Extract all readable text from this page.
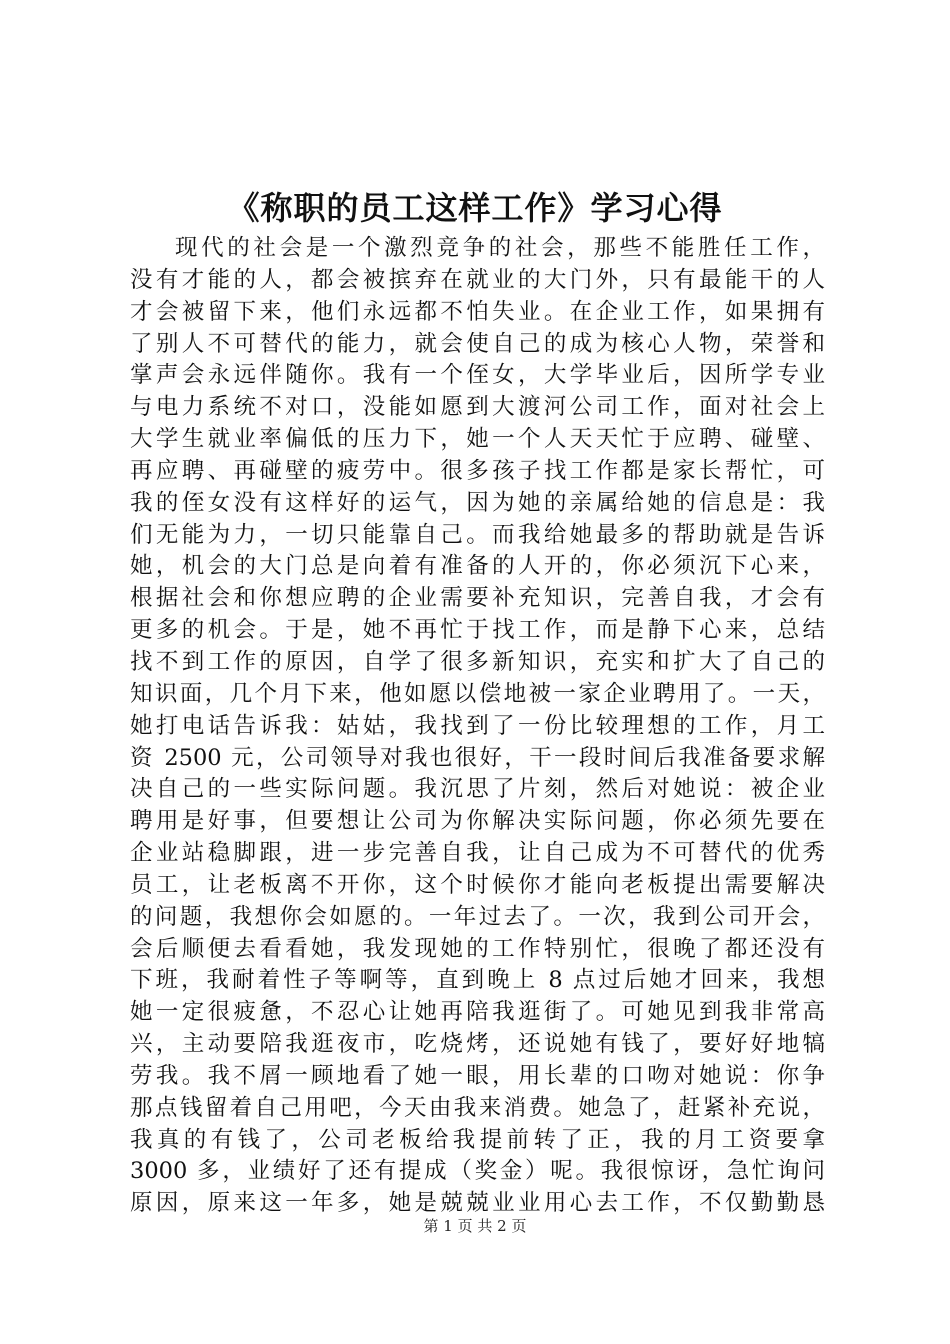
《称职的员工这样工作》学习心得
现代的社会是一个激烈竞争的社会，那些不能胜任工作，
没有才能的人，都会被摈弃在就业的大门外，只有最能干的人
才会被留下来，他们永远都不怕失业。在企业工作，如果拥有
了别人不可替代的能力，就会使自己的成为核心人物，荣誉和
掌声会永远伴随你。我有一个侄女，大学毕业后，因所学专业
与电力系统不对口，没能如愿到大渡河公司工作，面对社会上
大学生就业率偏低的压力下，她一个人天天忙于应聘、碰壁、
再应聘、再碰壁的疲劳中。很多孩子找工作都是家长帮忙，可
我的侄女没有这样好的运气，因为她的亲属给她的信息是：我
们无能为力，一切只能靠自己。而我给她最多的帮助就是告诉
她，机会的大门总是向着有准备的人开的，你必须沉下心来，
根据社会和你想应聘的企业需要补充知识，完善自我，才会有
更多的机会。于是，她不再忙于找工作，而是静下心来，总结
找不到工作的原因，自学了很多新知识，充实和扩大了自己的
知识面，几个月下来，他如愿以偿地被一家企业聘用了。一天，
她打电话告诉我：姑姑，我找到了一份比较理想的工作，月工
资 2500 元，公司领导对我也很好，干一段时间后我准备要求解
决自己的一些实际问题。我沉思了片刻，然后对她说：被企业
聘用是好事，但要想让公司为你解决实际问题，你必须先要在
企业站稳脚跟，进一步完善自我，让自己成为不可替代的优秀
员工，让老板离不开你，这个时候你才能向老板提出需要解决
的问题，我想你会如愿的。一年过去了。一次，我到公司开会，
会后顺便去看看她，我发现她的工作特别忙，很晚了都还没有
下班，我耐着性子等啊等，直到晚上 8 点过后她才回来，我想
她一定很疲惫，不忍心让她再陪我逛街了。可她见到我非常高
兴，主动要陪我逛夜市，吃烧烤，还说她有钱了，要好好地犒
劳我。我不屑一顾地看了她一眼，用长辈的口吻对她说：你争
那点钱留着自己用吧，今天由我来消费。她急了，赶紧补充说，
我真的有钱了，公司老板给我提前转了正，我的月工资要拿
3000 多，业绩好了还有提成（奖金）呢。我很惊讶，急忙询问
原因，原来这一年多，她是兢兢业业用心去工作，不仅勤勤恳
第 1 页 共 2 页
